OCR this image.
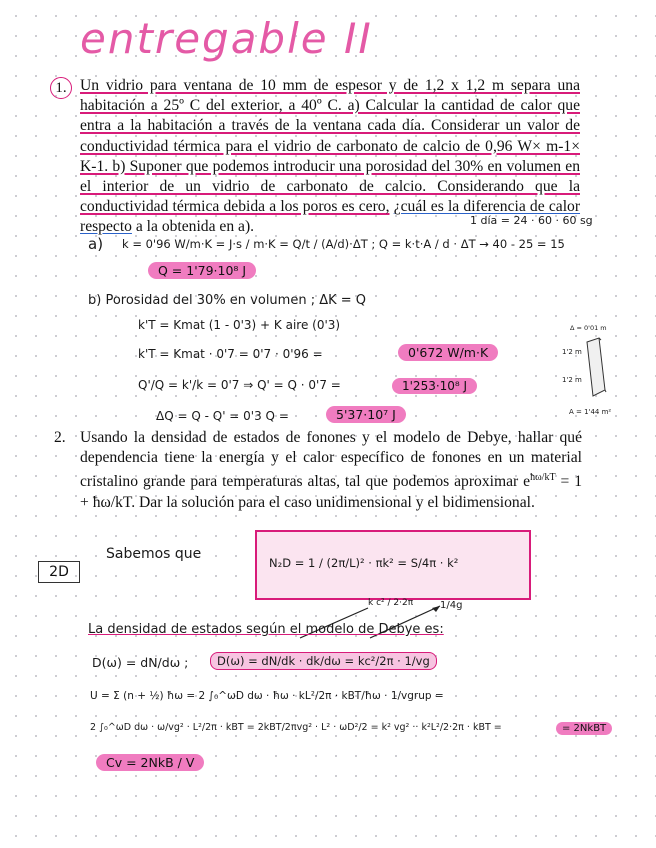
entregable II
1. Un vidrio para ventana de 10 mm de espesor y de 1,2 x 1,2 m separa una habitación a 25º C del exterior, a 40º C. a) Calcular la cantidad de calor que entra a la habitación a través de la ventana cada día. Considerar un valor de conductividad térmica para el vidrio de carbonato de calcio de 0,96 W× m-1× K-1. b) Suponer que podemos introducir una porosidad del 30% en volumen en el interior de un vidrio de carbonato de calcio. Considerando que la conductividad térmica debida a los poros es cero, ¿cuál es la diferencia de calor respecto a la obtenida en a).	1 día = 24 · 60 · 60 sg
a) k = 0'96 W/m·K = J·s / m·K = Q/t / (A/d)·ΔT ; Q = k·t·A / d · ΔT → 40 - 25 = 15
Q = 1'79·10⁸ J
b) Porosidad del 30% en volumen ; ΔK = Q
k'T = Kmat (1 - 0'3) + K aire (0'3)
k'T = Kmat · 0'7 = 0'7 · 0'96 =	0'672 W/m·K
Q'/Q = k'/k = 0'7 ⇒ Q' = Q · 0'7 =	1'253·10⁸ J
ΔQ = Q - Q' = 0'3 Q =	5'37·10⁷ J
Δ = 0'01 m
1'2 m
1'2 m
A = 1'44 m²
2. Usando la densidad de estados de fonones y el modelo de Debye, hallar qué dependencia tiene la energía y el calor específico de fonones en un material cristalino grande para temperaturas altas, tal que podemos aproximar $e^{ħ\omega/kT} = 1$ + ħω/kT. Dar la solución para el caso unidimensional y el bidimensional.
2D
Sabemos que
N₂D = 1 / (2π/L)² · πk² = S/4π · k²
k c² / 2·2π	1/4g
La densidad de estados según el modelo de Debye es:
D(ω) = dN/dω ;	D(ω) = dN/dk · dk/dω = kc²/2π · 1/vg
U = Σ (n + ½) ħω = 2 ∫₀^ωD dω · ħω · kL²/2π · kBT/ħω · 1/vgrup =
2 ∫₀^ωD dω · ω/vg² · L²/2π · kBT = 2kBT/2πvg² · L² · ωD²/2 = k² vg² ·· k²L²/2·2π · kBT =	= 2NkBT
Cv = 2NkB / V
